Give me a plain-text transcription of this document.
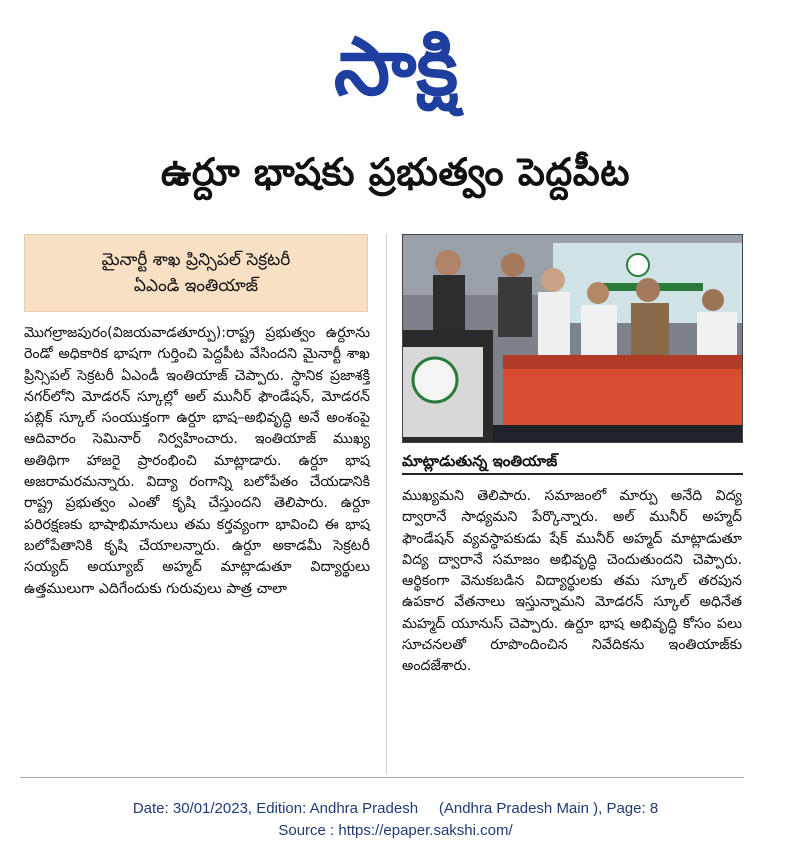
సాక్షి
ఉర్దూ భాషకు ప్రభుత్వం పెద్దపీట
మైనార్టీ శాఖ ప్రిన్సిపల్ సెక్రటరీ
ఏఎండి ఇంతియాజ్

మొగల్రాజపురం(విజయవాడతూర్పు):రాష్ట్ర ప్రభుత్వం ఉర్దూను రెండో అధికారిక భాషగా గుర్తించి పెద్దపీట వేసిందని మైనార్టీ శాఖ ప్రిన్సిపల్ సెక్రటరీ ఏఎండీ ఇంతియాజ్ చెప్పారు. స్థానిక ప్రజాశక్తి నగర్‌లోని మోడరన్ స్కూల్లో అల్ మునీర్ ఫౌండేషన్, మోడరన్ పబ్లిక్ స్కూల్ సంయుక్తంగా ఉర్దూ భాష–అభివృద్ధి అనే అంశంపై ఆదివారం సెమినార్ నిర్వహించారు. ఇంతియాజ్ ముఖ్య అతిథిగా హాజరై ప్రారంభించి మాట్లాడారు. ఉర్దూ భాష అజరామరమన్నారు. విద్యా రంగాన్ని బలోపేతం చేయడానికి రాష్ట్ర ప్రభుత్వం ఎంతో కృషి చేస్తుందని తెలిపారు. ఉర్దూ పరిరక్షణకు భాషాభిమానులు తమ కర్తవ్యంగా భావించి ఈ భాష బలోపేతానికి కృషి చేయాలన్నారు. ఉర్దూ అకాడమీ సెక్రటరీ సయ్యద్ అయ్యూబ్ అహ్మద్ మాట్లాడుతూ విద్యార్థులు ఉత్తములుగా ఎదిగేందుకు గురువులు పాత్ర చాలా

మాట్లాడుతున్న ఇంతియాజ్

ముఖ్యమని తెలిపారు. సమాజంలో మార్పు అనేది విద్య ద్వారానే సాధ్యమని పేర్కొన్నారు. అల్ మునీర్ అహ్మద్ ఫౌండేషన్ వ్యవస్థాపకుడు షేక్ మునీర్ అహ్మద్ మాట్లాడుతూ విద్య ద్వారానే సమాజం అభివృద్ధి చెందుతుందని చెప్పారు. ఆర్థికంగా వెనుకబడిన విద్యార్థులకు తమ స్కూల్ తరపున ఉపకార వేతనాలు ఇస్తున్నామని మోడరన్ స్కూల్ అధినేత మహ్మద్ యూనుస్ చెప్పారు. ఉర్దూ భాష అభివృద్ధి కోసం పలు సూచనలతో రూపొందించిన నివేదికను ఇంతియాజ్‌కు అందజేశారు.

Date: 30/01/2023, Edition: Andhra Pradesh     (Andhra Pradesh Main ), Page: 8
Source : https://epaper.sakshi.com/
